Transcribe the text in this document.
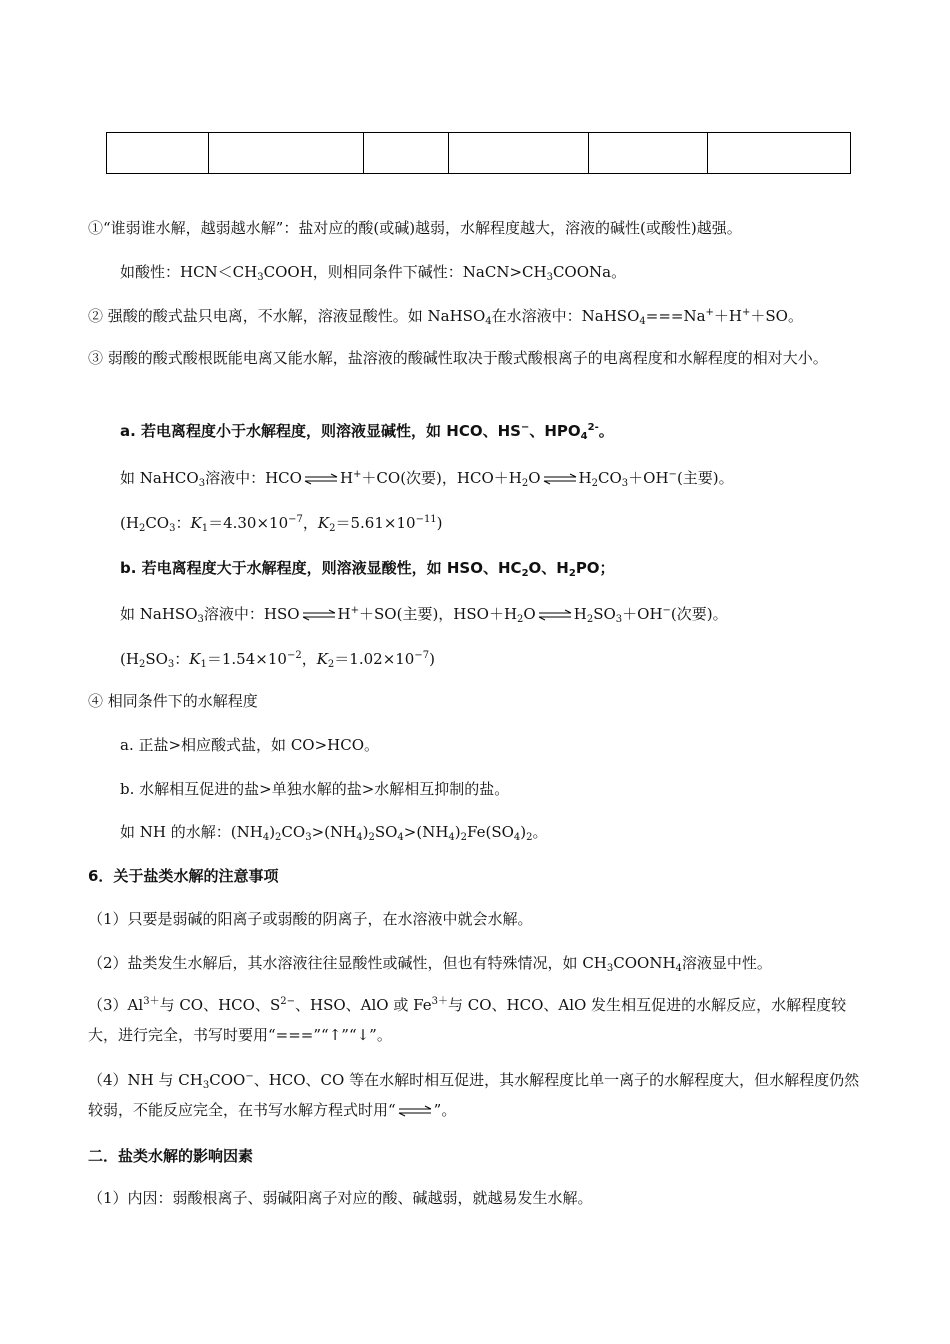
①“谁弱谁水解，越弱越水解”：盐对应的酸(或碱)越弱，水解程度越大，溶液的碱性(或酸性)越强。
如酸性：$HCN<CH_3COOH$，则相同条件下碱性：$NaCN>CH_3COONa$。
② 强酸的酸式盐只电离，不水解，溶液显酸性。如 NaHSO$_4$在水溶液中：NaHSO$_4$===Na+＋H+＋SO。
③ 弱酸的酸式酸根既能电离又能水解，盐溶液的酸碱性取决于酸式酸根离子的电离程度和水解程度的相对大小。
a. 若电离程度小于水解程度，则溶液显碱性，如 HCO、HS−、$HPO_4^{2-}$。
如 NaHCO$_3$溶液中：HCO ⇌ H+＋CO(次要)，$HCO+H_2O$ ⇌ $H_2CO_3+OH^-$(主要)。
($H_2CO_3$：$K_1=4.30\times 10^{-7}$，$K_2=5.61\times 10^{-11}$)
b. 若电离程度大于水解程度，则溶液显酸性，如 HSO、$HC_2O$、$H_2PO$；
如 NaHSO$_3$溶液中：HSO ⇌ H+＋SO(主要)，$HSO+H_2O$ ⇌ $H_2SO_3+OH^-$(次要)。
($H_2SO_3$：$K_1=1.54\times 10^{-2}$，$K_2=1.02\times 10^{-7}$)
④ 相同条件下的水解程度
a. 正盐>相应酸式盐，如 CO>HCO。
b. 水解相互促进的盐>单独水解的盐>水解相互抑制的盐。
如 NH 的水解：$(NH_4)_2CO_3>(NH_4)_2SO_4>(NH_4)_2Fe(SO_4)_2$。
6．关于盐类水解的注意事项
（1）只要是弱碱的阳离子或弱酸的阴离子，在水溶液中就会水解。
（2）盐类发生水解后，其水溶液往往显酸性或碱性，但也有特殊情况，如 $CH_3COONH_4$溶液显中性。
$(3)Al^{3+}$与 CO、HCO、$S^{2-}$、HSO、AlO 或 $Fe^{3+}$与 CO、HCO、AlO 发生相互促进的水解反应，水解程度较大，进行完全，书写时要用“===”“↑”“↓”。
（4）NH 与 $CH_3COO^-$、HCO、CO 等在水解时相互促进，其水解程度比单一离子的水解程度大，但水解程度仍然较弱，不能反应完全，在书写水解方程式时用“ ⇌ ”。
二．盐类水解的影响因素
（1）内因：弱酸根离子、弱碱阳离子对应的酸、碱越弱，就越易发生水解。
